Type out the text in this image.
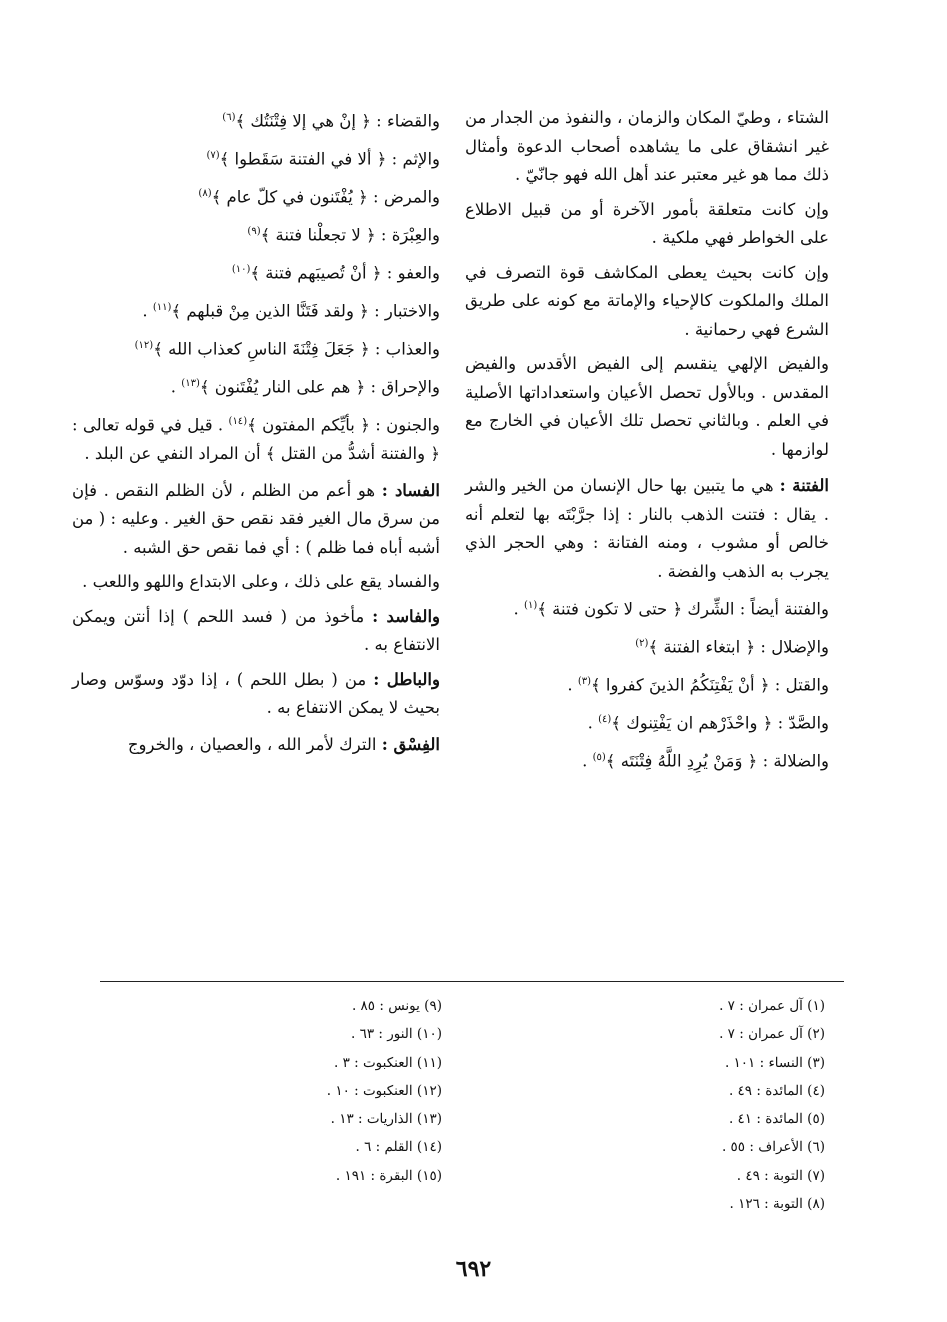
الشتاء ، وطيّ المكان والزمان ، والنفوذ من الجدار من غير انشقاق على ما يشاهده أصحاب الدعوة وأمثال ذلك مما هو غير معتبر عند أهل الله فهو جانّيّ .

وإن كانت متعلقة بأمور الآخرة أو من قبيل الاطلاع على الخواطر فهي ملكية .

وإن كانت بحيث يعطى المكاشف قوة التصرف في الملك والملكوت كالإحياء والإماتة مع كونه على طريق الشرع فهي رحمانية .

والفيض الإلهي ينقسم إلى الفيض الأقدس والفيض المقدس . وبالأول تحصل الأعيان واستعداداتها الأصلية في العلم . وبالثاني تحصل تلك الأعيان في الخارج مع لوازمها .

الفتنة : هي ما يتبين بها حال الإنسان من الخير والشر . يقال : فتنت الذهب بالنار : إذا جرَّبْتَه بها لتعلم أنه خالص أو مشوب ، ومنه الفتانة : وهي الحجر الذي يجرب به الذهب والفضة .

والفتنة أيضاً : الشِّرك ﴿ حتى لا تكون فتنة ﴾$^{(١)}$ .

والإضلال : ﴿ ابتغاء الفتنة ﴾$^{(٢)}$

والقتل : ﴿ أنْ يَفْتِنَكُمُ الذينَ كفروا ﴾$^{(٣)}$ .

والصَّدّ : ﴿ واحْذَرْهم ان يَفْتِنوك ﴾$^{(٤)}$ .

والضلالة : ﴿ وَمَنْ يُرِدِ اللَّهُ فِتْنَتَه ﴾$^{(٥)}$ .

والقضاء : ﴿ إنْ هي إلا فِتْنَتُك ﴾$^{(٦)}$

والإثم : ﴿ ألا في الفتنة سَقَطوا ﴾$^{(٧)}$

والمرض : ﴿ يُفْتَنون في كلّ عام ﴾$^{(٨)}$

والعِبْرَة : ﴿ لا تجعلْنا فتنة ﴾$^{(٩)}$

والعفو : ﴿ أنْ تُصيبَهم فتنة ﴾$^{(١٠)}$

والاختبار : ﴿ ولقد فَتَنَّا الذين مِنْ قبلهم ﴾$^{(١١)}$ .

والعذاب : ﴿ جَعَلَ فِتْنَةَ الناسِ كعذاب الله ﴾$^{(١٢)}$

والإحراق : ﴿ هم على النار يُفْتَنون ﴾$^{(١٣)}$ .

والجنون : ﴿ بأيِّكم المفتون ﴾$^{(١٤)}$ . قيل في قوله تعالى : ﴿ والفتنة أشدُّ من القتل ﴾ أن المراد النفي عن البلد .

الفساد : هو أعم من الظلم ، لأن الظلم النقص . فإن من سرق مال الغير فقد نقص حق الغير . وعليه : ( من أشبه أباه فما ظلم ) : أي فما نقص حق الشبه .

والفساد يقع على ذلك ، وعلى الابتداع واللهو واللعب .

والفاسد : مأخوذ من ( فسد اللحم ) إذا أنتن ويمكن الانتفاع به .

والباطل : من ( بطل اللحم ) ، إذا دوّد وسوّس وصار بحيث لا يمكن الانتفاع به .

الفِسْق : الترك لأمر الله ، والعصيان ، والخروج

(١) آل عمران : ٧ .
(٢) آل عمران : ٧ .
(٣) النساء : ١٠١ .
(٤) المائدة : ٤٩ .
(٥) المائدة : ٤١ .
(٦) الأعراف : ٥٥ .
(٧) التوبة : ٤٩ .
(٨) التوبة : ١٢٦ .
(٩) يونس : ٨٥ .
(١٠) النور : ٦٣ .
(١١) العنكبوت : ٣ .
(١٢) العنكبوت : ١٠ .
(١٣) الذاريات : ١٣ .
(١٤) القلم : ٦ .
(١٥) البقرة : ١٩١ .
٦٩٢
